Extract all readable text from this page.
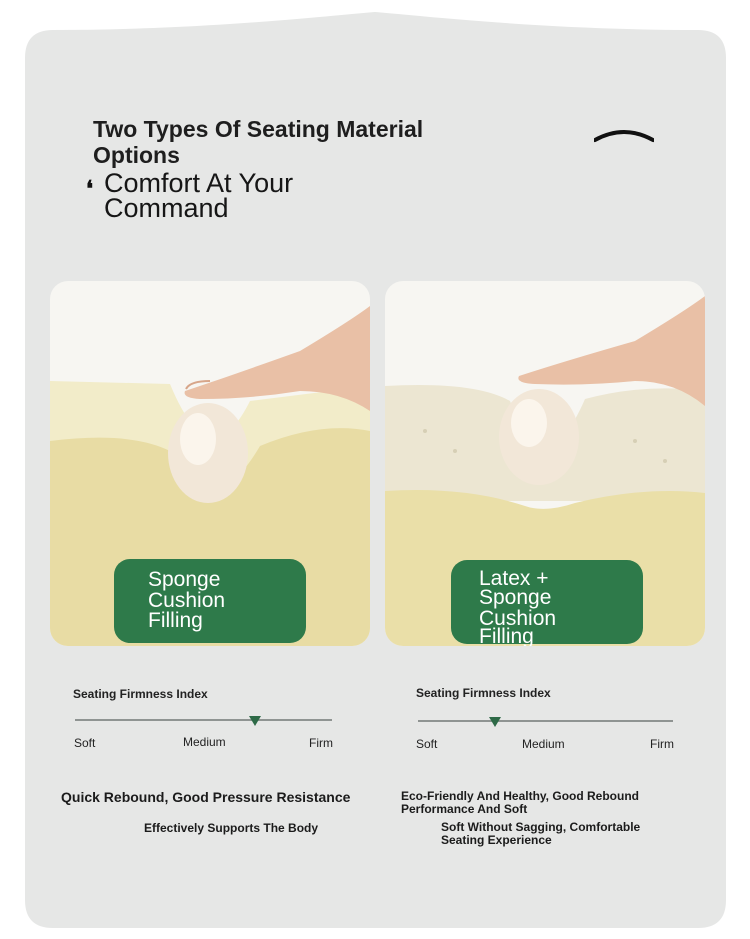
Two Types Of Seating Material Options
❛ Comfort At Your Command
Sponge
Cushion
Filling
Latex +
Sponge
Cushion
Filling
Seating Firmness Index
Soft	Medium	Firm
Seating Firmness Index
Soft	Medium	Firm
Quick Rebound, Good Pressure Resistance
Effectively Supports The Body
Eco-Friendly And Healthy, Good Rebound Performance And Soft
Soft Without Sagging, Comfortable Seating Experience
